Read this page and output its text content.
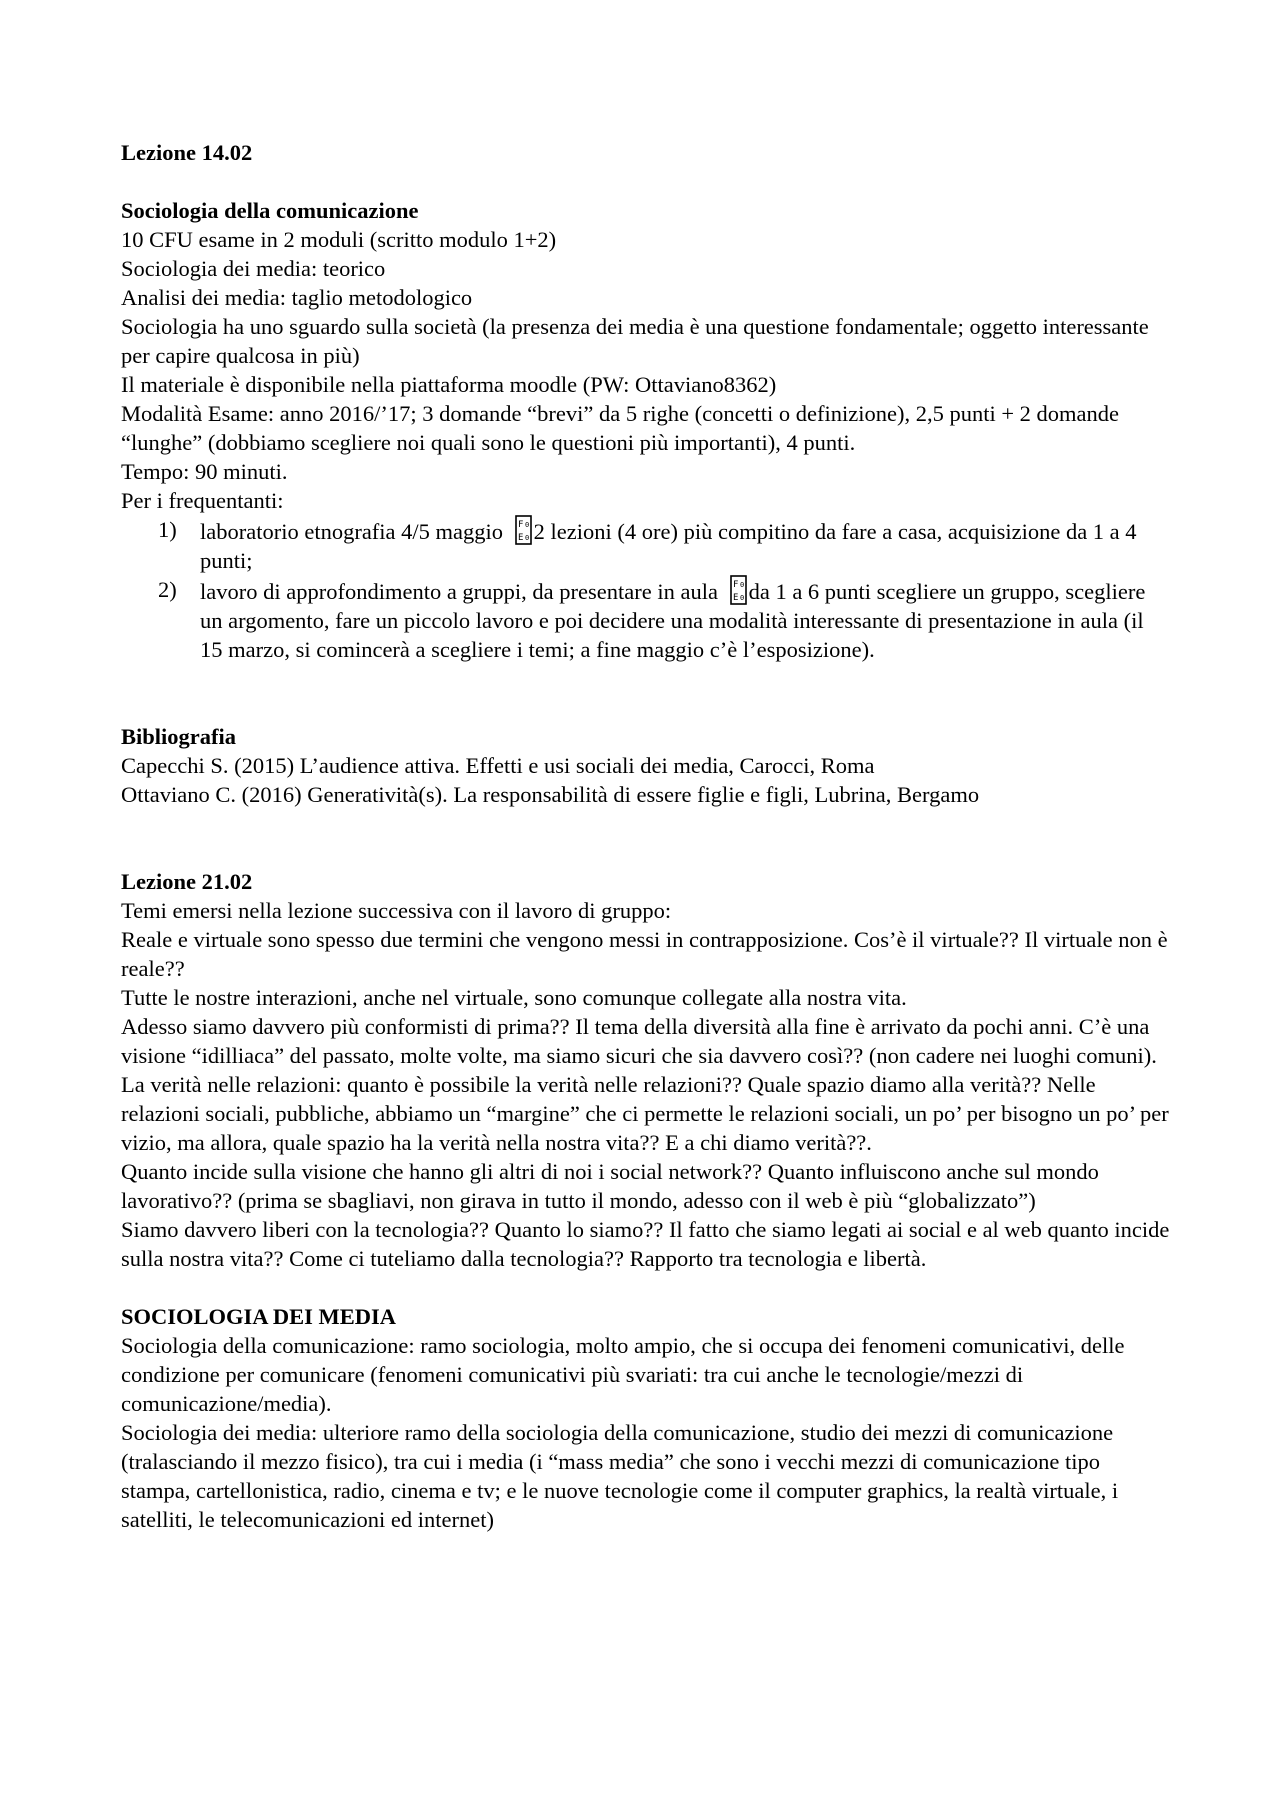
Lezione 14.02

Sociologia della comunicazione

10 CFU esame in 2 moduli (scritto modulo 1+2)

Sociologia dei media: teorico

Analisi dei media: taglio metodologico

Sociologia ha uno sguardo sulla società (la presenza dei media è una questione fondamentale; oggetto interessante per capire qualcosa in più)

Il materiale è disponibile nella piattaforma moodle (PW: Ottaviano8362)

Modalità Esame: anno 2016/’17; 3 domande “brevi” da 5 righe (concetti o definizione), 2,5 punti + 2 domande “lunghe” (dobbiamo scegliere noi quali sono le questioni più importanti), 4 punti.

Tempo: 90 minuti.

Per i frequentanti:

1) laboratorio etnografia 4/5 maggio F 0
E 0 2 lezioni (4 ore) più compitino da fare a casa, acquisizione da 1 a 4 punti;
2) lavoro di approfondimento a gruppi, da presentare in aula F 0
E 0 da 1 a 6 punti scegliere un gruppo, scegliere un argomento, fare un piccolo lavoro e poi decidere una modalità interessante di presentazione in aula (il 15 marzo, si comincerà a scegliere i temi; a fine maggio c’è l’esposizione).

Bibliografia

Capecchi S. (2015) L’audience attiva. Effetti e usi sociali dei media, Carocci, Roma

Ottaviano C. (2016) Generatività(s). La responsabilità di essere figlie e figli, Lubrina, Bergamo

Lezione 21.02

Temi emersi nella lezione successiva con il lavoro di gruppo:

Reale e virtuale sono spesso due termini che vengono messi in contrapposizione. Cos’è il virtuale?? Il virtuale non è reale??

Tutte le nostre interazioni, anche nel virtuale, sono comunque collegate alla nostra vita.

Adesso siamo davvero più conformisti di prima?? Il tema della diversità alla fine è arrivato da pochi anni. C’è una visione “idilliaca” del passato, molte volte, ma siamo sicuri che sia davvero così?? (non cadere nei luoghi comuni).

La verità nelle relazioni: quanto è possibile la verità nelle relazioni?? Quale spazio diamo alla verità?? Nelle relazioni sociali, pubbliche, abbiamo un “margine” che ci permette le relazioni sociali, un po’ per bisogno un po’ per vizio, ma allora, quale spazio ha la verità nella nostra vita?? E a chi diamo verità??.

Quanto incide sulla visione che hanno gli altri di noi i social network?? Quanto influiscono anche sul mondo lavorativo?? (prima se sbagliavi, non girava in tutto il mondo, adesso con il web è più “globalizzato”)

Siamo davvero liberi con la tecnologia?? Quanto lo siamo?? Il fatto che siamo legati ai social e al web quanto incide sulla nostra vita?? Come ci tuteliamo dalla tecnologia?? Rapporto tra tecnologia e libertà.

SOCIOLOGIA DEI MEDIA

Sociologia della comunicazione: ramo sociologia, molto ampio, che si occupa dei fenomeni comunicativi, delle condizione per comunicare (fenomeni comunicativi più svariati: tra cui anche le tecnologie/mezzi di comunicazione/media).

Sociologia dei media: ulteriore ramo della sociologia della comunicazione, studio dei mezzi di comunicazione (tralasciando il mezzo fisico), tra cui i media (i “mass media” che sono i vecchi mezzi di comunicazione tipo stampa, cartellonistica, radio, cinema e tv; e le nuove tecnologie come il computer graphics, la realtà virtuale, i satelliti, le telecomunicazioni ed internet)
